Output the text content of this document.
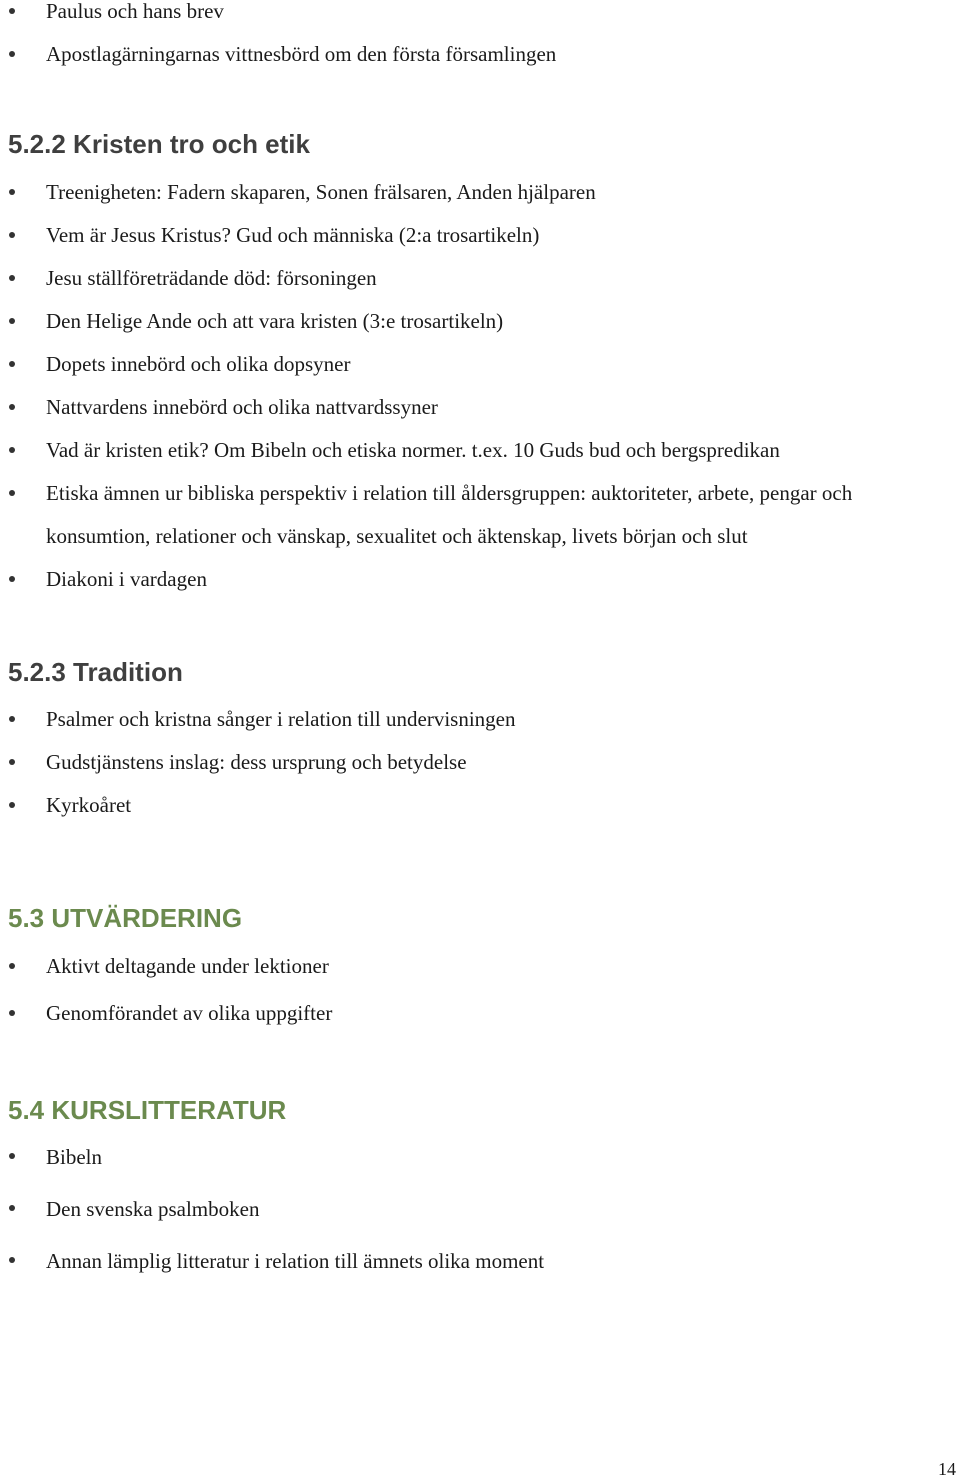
Paulus och hans brev
Apostlagärningarnas vittnesbörd om den första församlingen
5.2.2 Kristen tro och etik
Treenigheten: Fadern skaparen, Sonen frälsaren, Anden hjälparen
Vem är Jesus Kristus? Gud och människa (2:a trosartikeln)
Jesu ställföreträdande död: försoningen
Den Helige Ande och att vara kristen (3:e trosartikeln)
Dopets innebörd och olika dopsyner
Nattvardens innebörd och olika nattvardssyner
Vad är kristen etik? Om Bibeln och etiska normer. t.ex. 10 Guds bud och bergspredikan
Etiska ämnen ur bibliska perspektiv i relation till åldersgruppen: auktoriteter, arbete, pengar och konsumtion, relationer och vänskap, sexualitet och äktenskap, livets början och slut
Diakoni i vardagen
5.2.3 Tradition
Psalmer och kristna sånger i relation till undervisningen
Gudstjänstens inslag: dess ursprung och betydelse
Kyrkoåret
5.3 UTVÄRDERING
Aktivt deltagande under lektioner
Genomförandet av olika uppgifter
5.4 KURSLITTERATUR
Bibeln
Den svenska psalmboken
Annan lämplig litteratur i relation till ämnets olika moment
14
